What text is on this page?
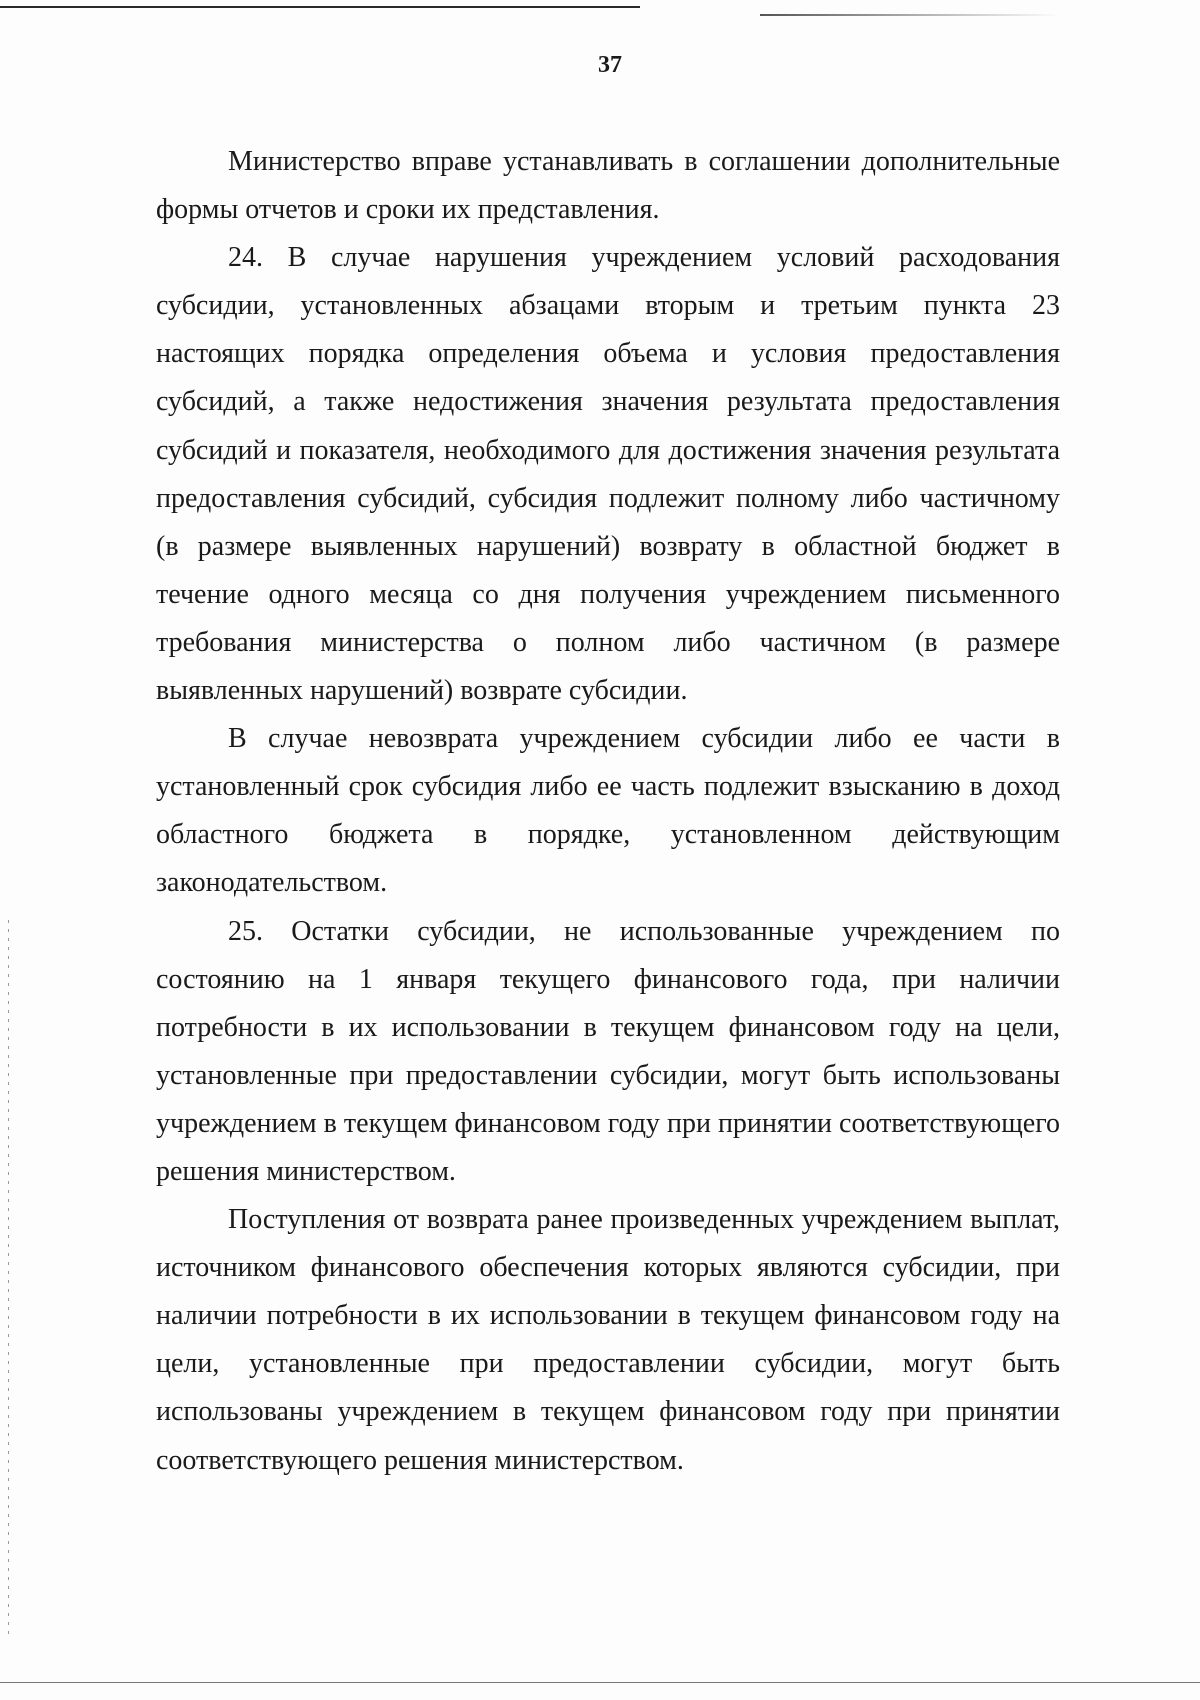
37

Министерство вправе устанавливать в соглашении дополнительные формы отчетов и сроки их представления.

24. В случае нарушения учреждением условий расходования субсидии, установленных абзацами вторым и третьим пункта 23 настоящих порядка определения объема и условия предоставления субсидий, а также недостижения значения результата предоставления субсидий и показателя, необходимого для достижения значения результата предоставления субсидий, субсидия подлежит полному либо частичному (в размере выявленных нарушений) возврату в областной бюджет в течение одного месяца со дня получения учреждением письменного требования министерства о полном либо частичном (в размере выявленных нарушений) возврате субсидии.

В случае невозврата учреждением субсидии либо ее части в установленный срок субсидия либо ее часть подлежит взысканию в доход областного бюджета в порядке, установленном действующим законодательством.

25. Остатки субсидии, не использованные учреждением по состоянию на 1 января текущего финансового года, при наличии потребности в их использовании в текущем финансовом году на цели, установленные при предоставлении субсидии, могут быть использованы учреждением в текущем финансовом году при принятии соответствующего решения министерством.

Поступления от возврата ранее произведенных учреждением выплат, источником финансового обеспечения которых являются субсидии, при наличии потребности в их использовании в текущем финансовом году на цели, установленные при предоставлении субсидии, могут быть использованы учреждением в текущем финансовом году при принятии соответствующего решения министерством.
